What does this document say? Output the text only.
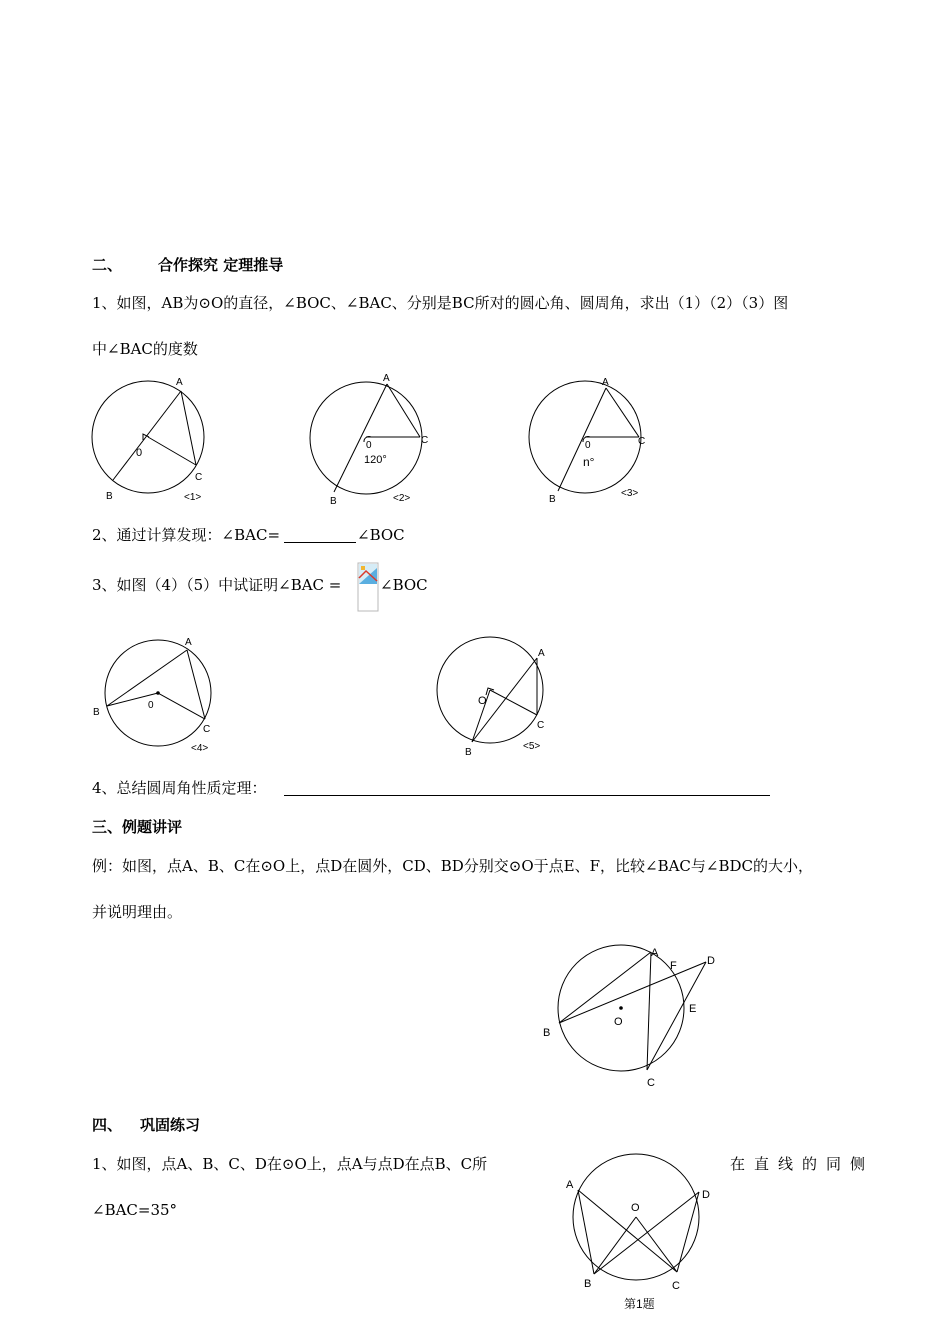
二、 合作探究 定理推导
1、如图，AB为⊙O的直径，∠BOC、∠BAC、分别是BC所对的圆心角、圆周角，求出（1）（2）（3）图
中∠BAC的度数
A
B
C
0
<1>
A
B
C
0
120°
<2>
A
B
C
0
n°
<3>
A
B
C
0
<4>
A
B
C
O
<5>
A
B
C
D
E
F
O
A
B	C
D
O
第1题
2、通过计算发现：∠BAC=	∠BOC
3、如图（4）（5）中试证明∠BAC =	∠BOC
4、总结圆周角性质定理：
三、例题讲评
例：如图，点A、B、C在⊙O上，点D在圆外，CD、BD分别交⊙O于点E、F，比较∠BAC与∠BDC的大小，
并说明理由。
四、 巩固练习
1、如图，点A、B、C、D在⊙O上，点A与点D在点B、C所	在直线的同侧
∠BAC=35°
